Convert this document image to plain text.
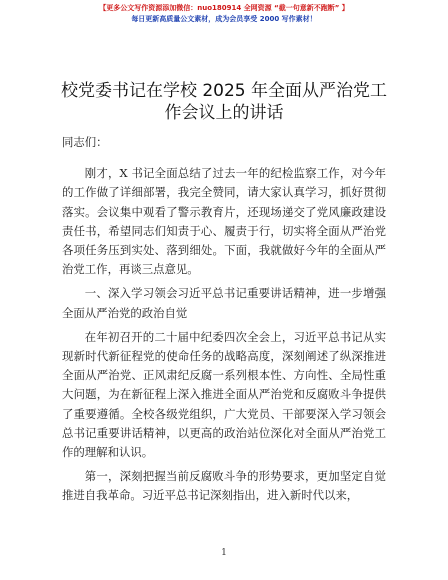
【更多公文写作资源添加微信：nuo180914 全网资源 “截一句意新不跑断” 】
每日更新高质量公文素材，成为会员享受 2000 写作素材！
校党委书记在学校 2025 年全面从严治党工作会议上的讲话

同志们：

刚才，X 书记全面总结了过去一年的纪检监察工作，对今年的工作做了详细部署，我完全赞同，请大家认真学习，抓好贯彻落实。会议集中观看了警示教育片，还现场递交了党风廉政建设责任书，希望同志们知责于心、履责于行，切实将全面从严治党各项任务压到实处、落到细处。下面，我就做好今年的全面从严治党工作，再谈三点意见。

一、深入学习领会习近平总书记重要讲话精神，进一步增强全面从严治党的政治自觉

在年初召开的二十届中纪委四次全会上，习近平总书记从实现新时代新征程党的使命任务的战略高度，深刻阐述了纵深推进全面从严治党、正风肃纪反腐一系列根本性、方向性、全局性重大问题，为在新征程上深入推进全面从严治党和反腐败斗争提供了重要遵循。全校各级党组织，广大党员、干部要深入学习领会总书记重要讲话精神，以更高的政治站位深化对全面从严治党工作的理解和认识。

第一，深刻把握当前反腐败斗争的形势要求，更加坚定自觉推进自我革命。习近平总书记深刻指出，进入新时代以来，

1
